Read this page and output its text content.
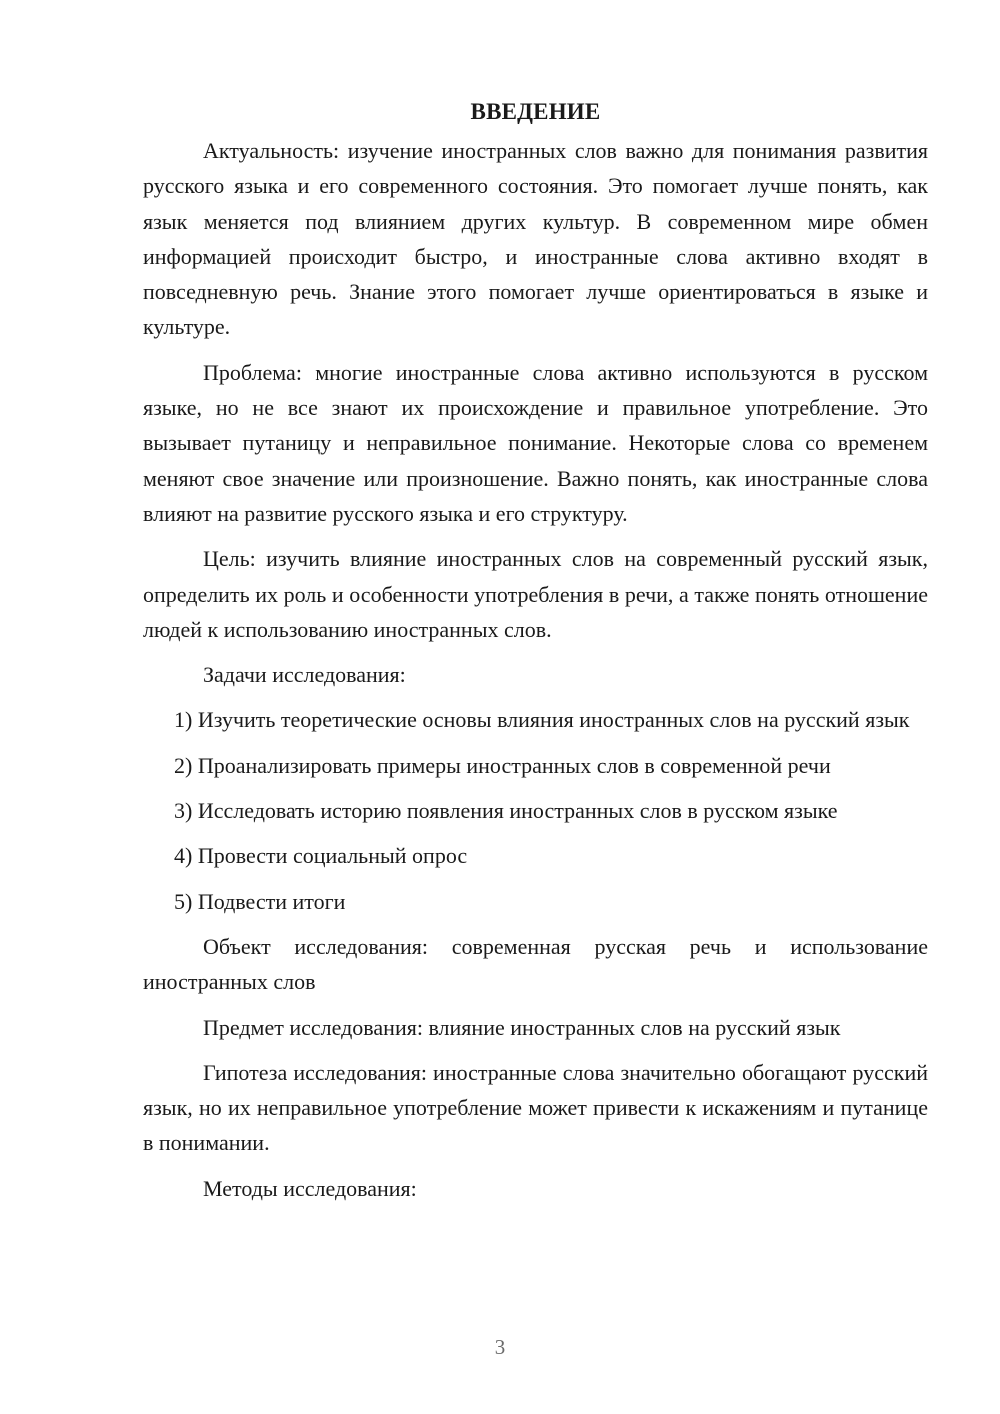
ВВЕДЕНИЕ

Актуальность: изучение иностранных слов важно для понимания развития русского языка и его современного состояния. Это помогает лучше понять, как язык меняется под влиянием других культур. В современном мире обмен информацией происходит быстро, и иностранные слова активно входят в повседневную речь. Знание этого помогает лучше ориентироваться в языке и культуре.

Проблема: многие иностранные слова активно используются в русском языке, но не все знают их происхождение и правильное употребление. Это вызывает путаницу и неправильное понимание. Некоторые слова со временем меняют свое значение или произношение. Важно понять, как иностранные слова влияют на развитие русского языка и его структуру.

Цель: изучить влияние иностранных слов на современный русский язык, определить их роль и особенности употребления в речи, а также понять отношение людей к использованию иностранных слов.

Задачи исследования:

1) Изучить теоретические основы влияния иностранных слов на русский язык

2) Проанализировать примеры иностранных слов в современной речи

3) Исследовать историю появления иностранных слов в русском языке

4) Провести социальный опрос

5) Подвести итоги

Объект исследования: современная русская речь и использование иностранных слов

Предмет исследования: влияние иностранных слов на русский язык

Гипотеза исследования: иностранные слова значительно обогащают русский язык, но их неправильное употребление может привести к искажениям и путанице в понимании.

Методы исследования:

3
